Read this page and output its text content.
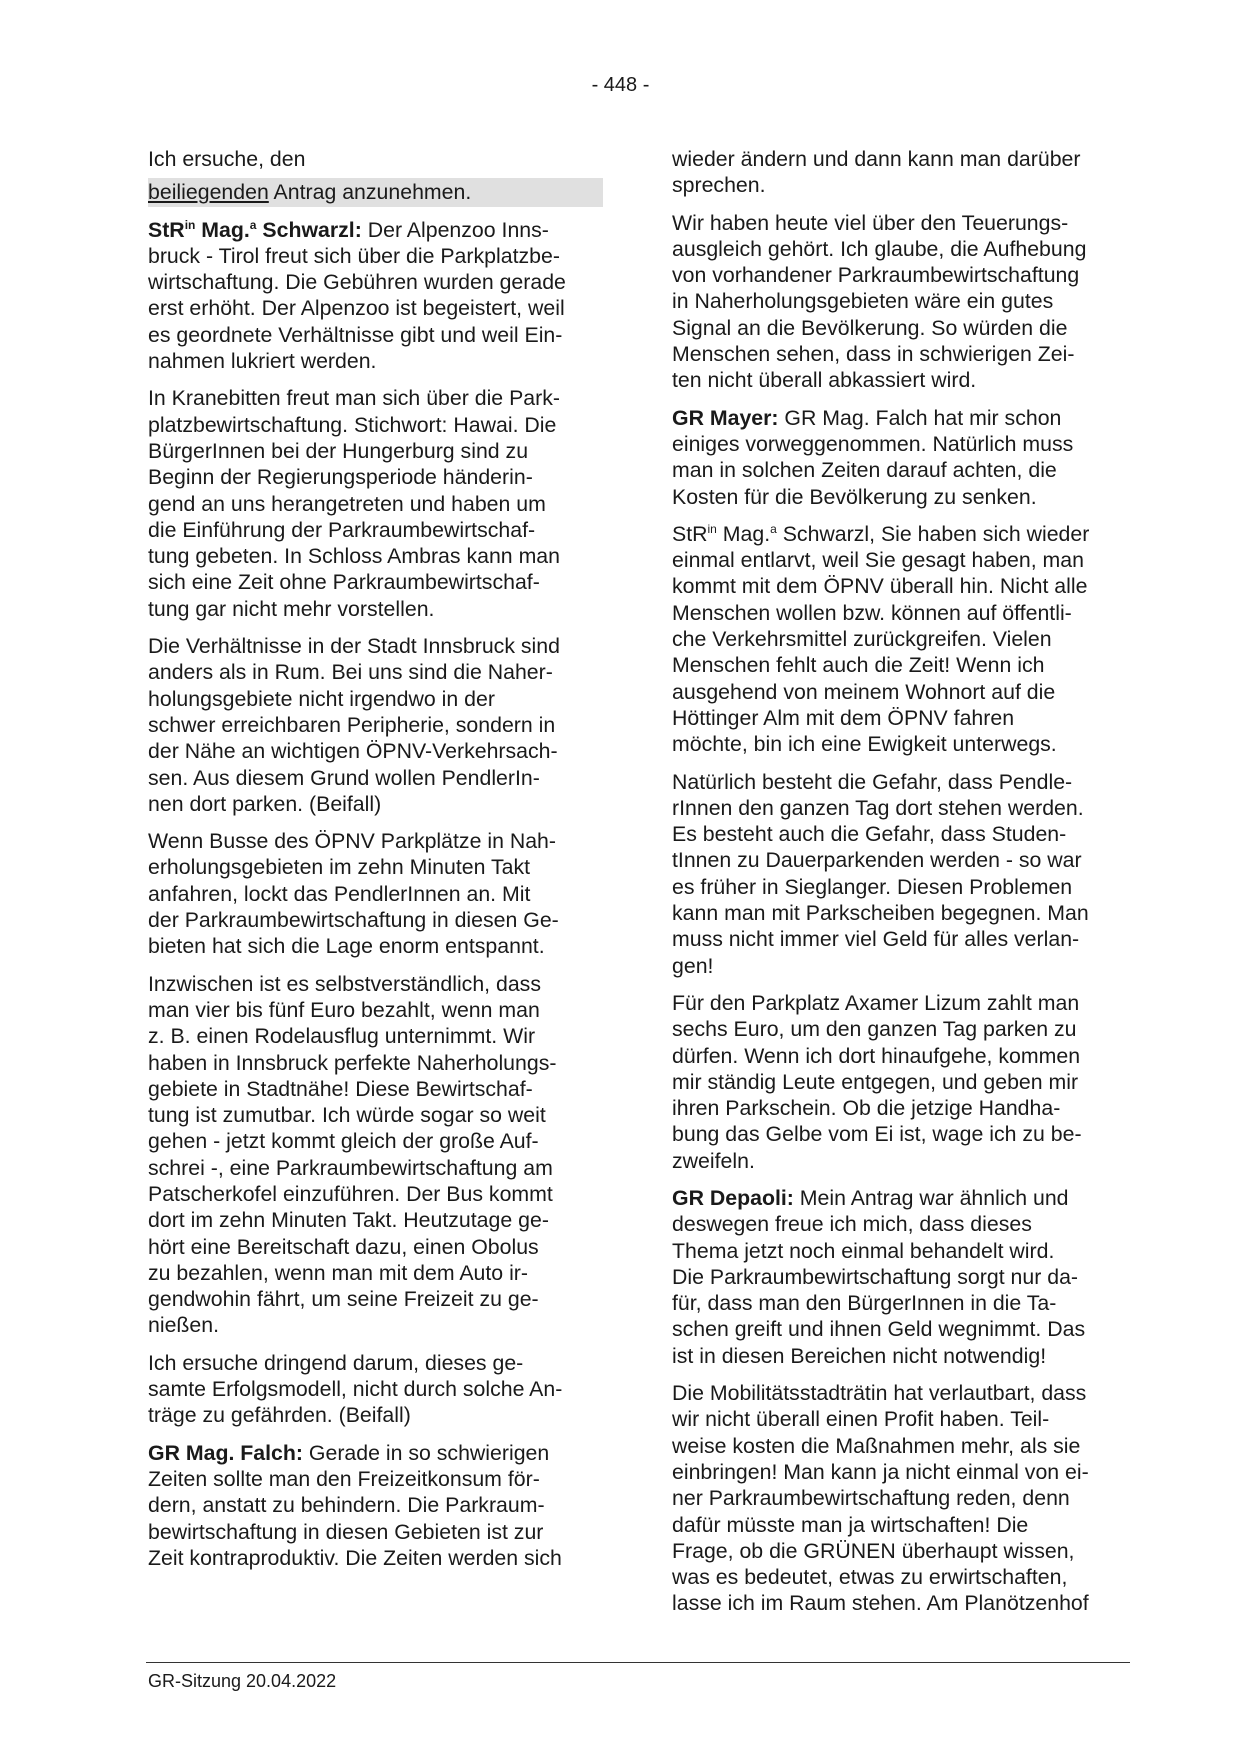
- 448 -

Ich ersuche, den

beiliegenden Antrag anzunehmen.

StR$^{in}$ Mag.$^a$ Schwarzl: Der Alpenzoo Inns-
bruck - Tirol freut sich über die Parkplatzbe-
wirtschaftung. Die Gebühren wurden gerade
erst erhöht. Der Alpenzoo ist begeistert, weil
es geordnete Verhältnisse gibt und weil Ein-
nahmen lukriert werden.

In Kranebitten freut man sich über die Park-
platzbewirtschaftung. Stichwort: Hawai. Die
BürgerInnen bei der Hungerburg sind zu
Beginn der Regierungsperiode händerin-
gend an uns herangetreten und haben um
die Einführung der Parkraumbewirtschaf-
tung gebeten. In Schloss Ambras kann man
sich eine Zeit ohne Parkraumbewirtschaf-
tung gar nicht mehr vorstellen.

Die Verhältnisse in der Stadt Innsbruck sind
anders als in Rum. Bei uns sind die Naher-
holungsgebiete nicht irgendwo in der
schwer erreichbaren Peripherie, sondern in
der Nähe an wichtigen ÖPNV-Verkehrsach-
sen. Aus diesem Grund wollen PendlerIn-
nen dort parken. (Beifall)

Wenn Busse des ÖPNV Parkplätze in Nah-
erholungsgebieten im zehn Minuten Takt
anfahren, lockt das PendlerInnen an. Mit
der Parkraumbewirtschaftung in diesen Ge-
bieten hat sich die Lage enorm entspannt.

Inzwischen ist es selbstverständlich, dass
man vier bis fünf Euro bezahlt, wenn man
z. B. einen Rodelausflug unternimmt. Wir
haben in Innsbruck perfekte Naherholungs-
gebiete in Stadtnähe! Diese Bewirtschaf-
tung ist zumutbar. Ich würde sogar so weit
gehen - jetzt kommt gleich der große Auf-
schrei -, eine Parkraumbewirtschaftung am
Patscherkofel einzuführen. Der Bus kommt
dort im zehn Minuten Takt. Heutzutage ge-
hört eine Bereitschaft dazu, einen Obolus
zu bezahlen, wenn man mit dem Auto ir-
gendwohin fährt, um seine Freizeit zu ge-
nießen.

Ich ersuche dringend darum, dieses ge-
samte Erfolgsmodell, nicht durch solche An-
träge zu gefährden. (Beifall)

GR Mag. Falch: Gerade in so schwierigen
Zeiten sollte man den Freizeitkonsum för-
dern, anstatt zu behindern. Die Parkraum-
bewirtschaftung in diesen Gebieten ist zur
Zeit kontraproduktiv. Die Zeiten werden sich

wieder ändern und dann kann man darüber
sprechen.

Wir haben heute viel über den Teuerungs-
ausgleich gehört. Ich glaube, die Aufhebung
von vorhandener Parkraumbewirtschaftung
in Naherholungsgebieten wäre ein gutes
Signal an die Bevölkerung. So würden die
Menschen sehen, dass in schwierigen Zei-
ten nicht überall abkassiert wird.

GR Mayer: GR Mag. Falch hat mir schon
einiges vorweggenommen. Natürlich muss
man in solchen Zeiten darauf achten, die
Kosten für die Bevölkerung zu senken.

StR$^{in}$ Mag.$^a$ Schwarzl, Sie haben sich wieder
einmal entlarvt, weil Sie gesagt haben, man
kommt mit dem ÖPNV überall hin. Nicht alle
Menschen wollen bzw. können auf öffentli-
che Verkehrsmittel zurückgreifen. Vielen
Menschen fehlt auch die Zeit! Wenn ich
ausgehend von meinem Wohnort auf die
Höttinger Alm mit dem ÖPNV fahren
möchte, bin ich eine Ewigkeit unterwegs.

Natürlich besteht die Gefahr, dass Pendle-
rInnen den ganzen Tag dort stehen werden.
Es besteht auch die Gefahr, dass Studen-
tInnen zu Dauerparkenden werden - so war
es früher in Sieglanger. Diesen Problemen
kann man mit Parkscheiben begegnen. Man
muss nicht immer viel Geld für alles verlan-
gen!

Für den Parkplatz Axamer Lizum zahlt man
sechs Euro, um den ganzen Tag parken zu
dürfen. Wenn ich dort hinaufgehe, kommen
mir ständig Leute entgegen, und geben mir
ihren Parkschein. Ob die jetzige Handha-
bung das Gelbe vom Ei ist, wage ich zu be-
zweifeln.

GR Depaoli: Mein Antrag war ähnlich und
deswegen freue ich mich, dass dieses
Thema jetzt noch einmal behandelt wird.
Die Parkraumbewirtschaftung sorgt nur da-
für, dass man den BürgerInnen in die Ta-
schen greift und ihnen Geld wegnimmt. Das
ist in diesen Bereichen nicht notwendig!

Die Mobilitätsstadträtin hat verlautbart, dass
wir nicht überall einen Profit haben. Teil-
weise kosten die Maßnahmen mehr, als sie
einbringen! Man kann ja nicht einmal von ei-
ner Parkraumbewirtschaftung reden, denn
dafür müsste man ja wirtschaften! Die
Frage, ob die GRÜNEN überhaupt wissen,
was es bedeutet, etwas zu erwirtschaften,
lasse ich im Raum stehen. Am Planötzenhof

GR-Sitzung 20.04.2022
